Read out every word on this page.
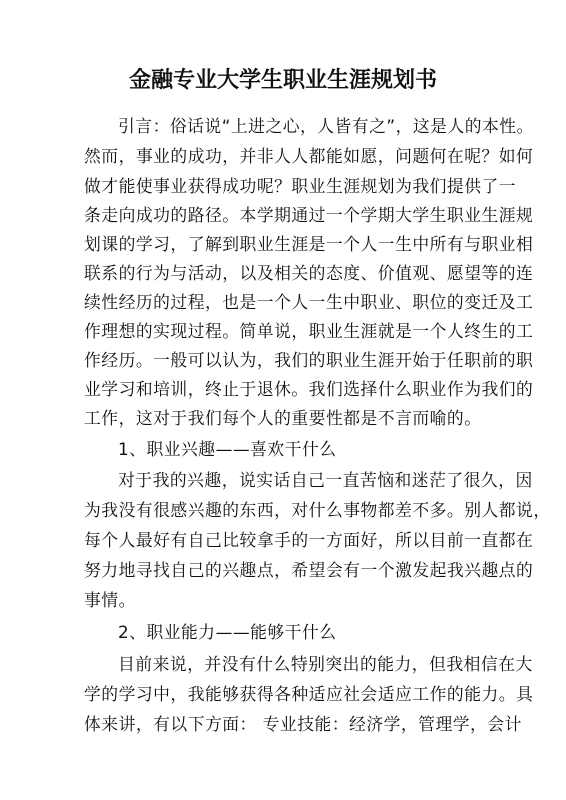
金融专业大学生职业生涯规划书
引言：俗话说“上进之心，人皆有之”，这是人的本性。
然而，事业的成功，并非人人都能如愿，问题何在呢？如何
做才能使事业获得成功呢？职业生涯规划为我们提供了一
条走向成功的路径。本学期通过一个学期大学生职业生涯规
划课的学习，了解到职业生涯是一个人一生中所有与职业相
联系的行为与活动，以及相关的态度、价值观、愿望等的连
续性经历的过程，也是一个人一生中职业、职位的变迁及工
作理想的实现过程。简单说，职业生涯就是一个人终生的工
作经历。一般可以认为，我们的职业生涯开始于任职前的职
业学习和培训，终止于退休。我们选择什么职业作为我们的
工作，这对于我们每个人的重要性都是不言而喻的。
1、职业兴趣——喜欢干什么
对于我的兴趣，说实话自己一直苦恼和迷茫了很久，因
为我没有很感兴趣的东西，对什么事物都差不多。别人都说，
每个人最好有自己比较拿手的一方面好，所以目前一直都在
努力地寻找自己的兴趣点，希望会有一个激发起我兴趣点的
事情。
2、职业能力——能够干什么
目前来说，并没有什么特别突出的能力，但我相信在大
学的学习中，我能够获得各种适应社会适应工作的能力。具
体来讲，有以下方面： 专业技能：经济学，管理学，会计
